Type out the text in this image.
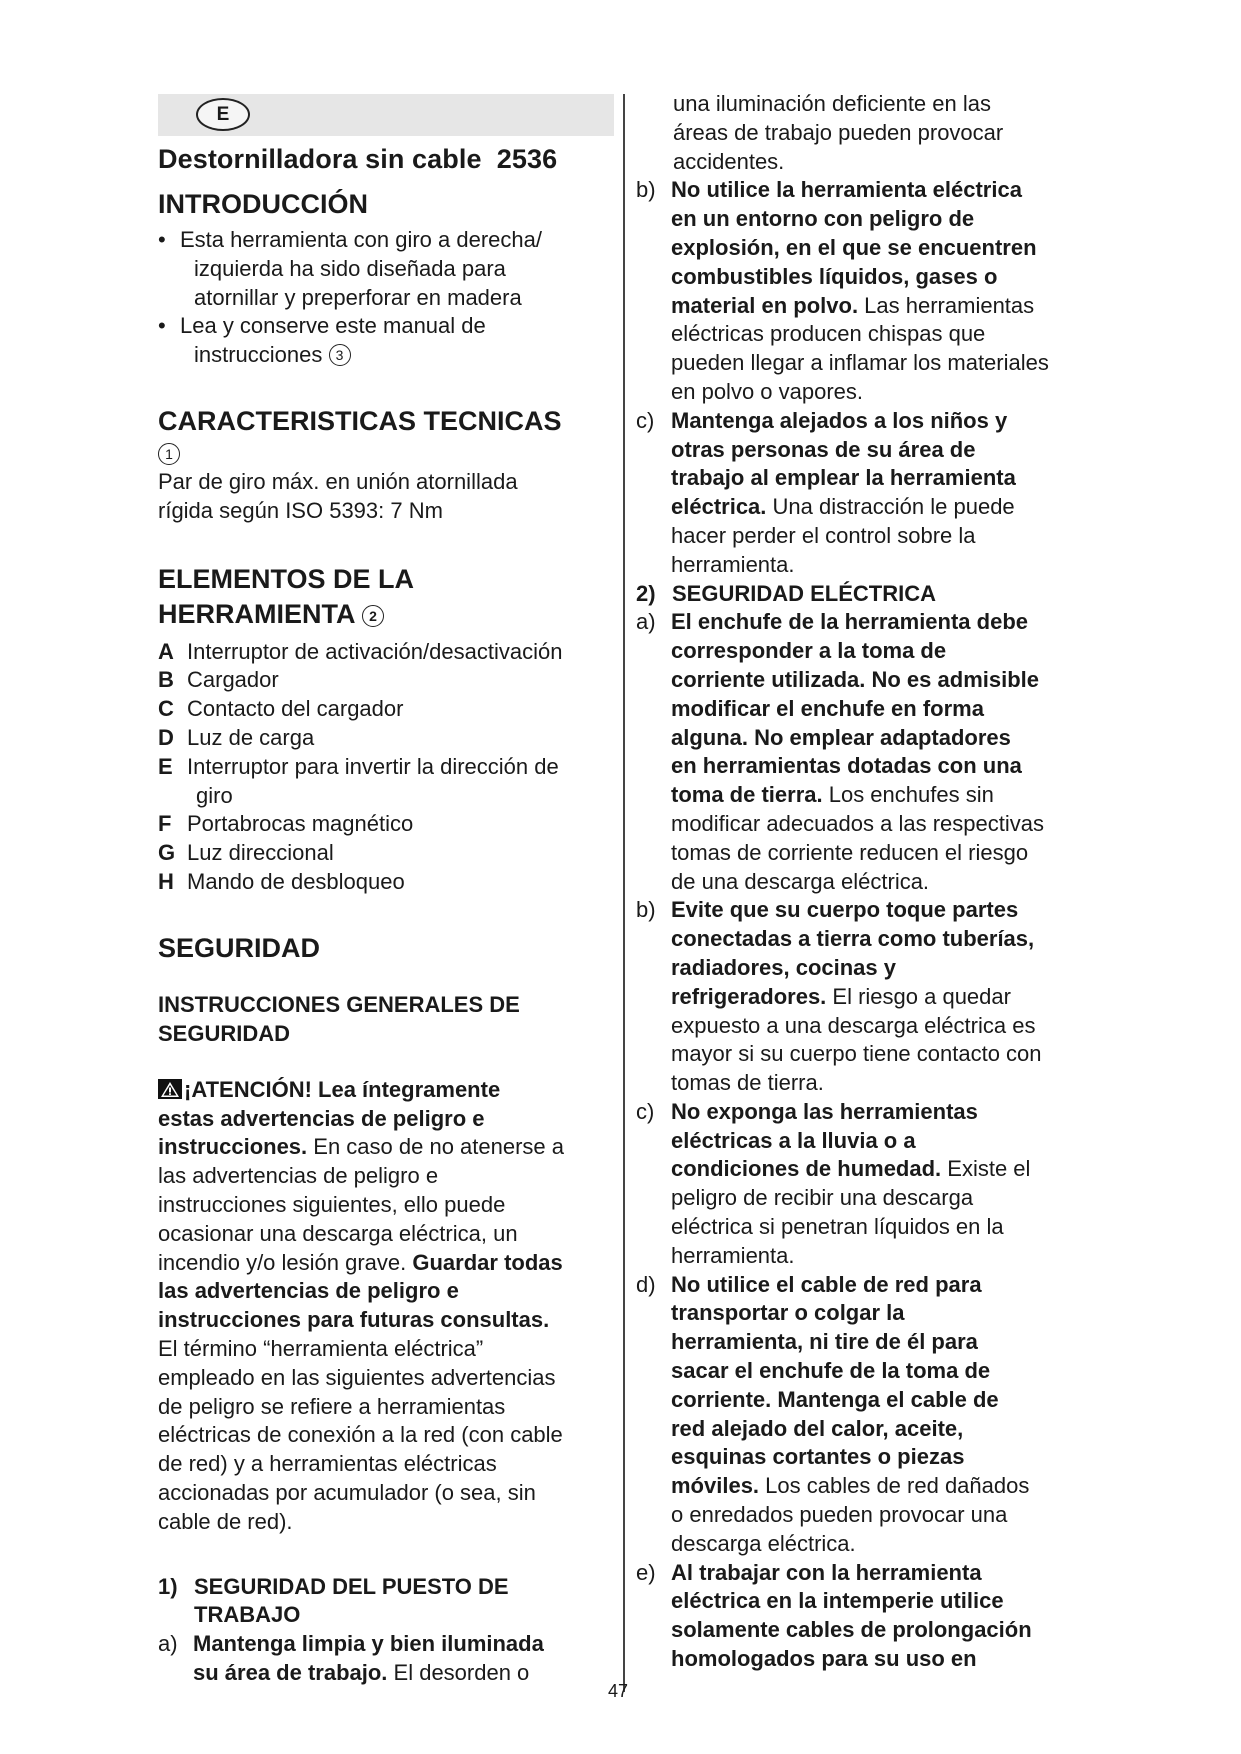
E
Destornilladora sin cable  2536
INTRODUCCIÓN
• Esta herramienta con giro a derecha/
izquierda ha sido diseñada para
atornillar y preperforar en madera
• Lea y conserve este manual de
instrucciones 3
CARACTERISTICAS TECNICAS
1
Par de giro máx. en unión atornillada
rígida según ISO 5393: 7 Nm
ELEMENTOS DE LA
HERRAMIENTA 2
A Interruptor de activación/desactivación
B Cargador
C Contacto del cargador
D Luz de carga
E Interruptor para invertir la dirección de
giro
F Portabrocas magnético
G Luz direccional
H Mando de desbloqueo
SEGURIDAD
INSTRUCCIONES GENERALES DE
SEGURIDAD
¡ATENCIÓN! Lea íntegramente
estas advertencias de peligro e
instrucciones. En caso de no atenerse a
las advertencias de peligro e
instrucciones siguientes, ello puede
ocasionar una descarga eléctrica, un
incendio y/o lesión grave. Guardar todas
las advertencias de peligro e
instrucciones para futuras consultas.
El término “herramienta eléctrica”
empleado en las siguientes advertencias
de peligro se refiere a herramientas
eléctricas de conexión a la red (con cable
de red) y a herramientas eléctricas
accionadas por acumulador (o sea, sin
cable de red).
1) SEGURIDAD DEL PUESTO DE
TRABAJO
a) Mantenga limpia y bien iluminada
su área de trabajo. El desorden o
una iluminación deficiente en las
áreas de trabajo pueden provocar
accidentes.
b) No utilice la herramienta eléctrica
en un entorno con peligro de
explosión, en el que se encuentren
combustibles líquidos, gases o
material en polvo. Las herramientas
eléctricas producen chispas que
pueden llegar a inflamar los materiales
en polvo o vapores.
c) Mantenga alejados a los niños y
otras personas de su área de
trabajo al emplear la herramienta
eléctrica. Una distracción le puede
hacer perder el control sobre la
herramienta.
2) SEGURIDAD ELÉCTRICA
a) El enchufe de la herramienta debe
corresponder a la toma de
corriente utilizada. No es admisible
modificar el enchufe en forma
alguna. No emplear adaptadores
en herramientas dotadas con una
toma de tierra. Los enchufes sin
modificar adecuados a las respectivas
tomas de corriente reducen el riesgo
de una descarga eléctrica.
b) Evite que su cuerpo toque partes
conectadas a tierra como tuberías,
radiadores, cocinas y
refrigeradores. El riesgo a quedar
expuesto a una descarga eléctrica es
mayor si su cuerpo tiene contacto con
tomas de tierra.
c) No exponga las herramientas
eléctricas a la lluvia o a
condiciones de humedad. Existe el
peligro de recibir una descarga
eléctrica si penetran líquidos en la
herramienta.
d) No utilice el cable de red para
transportar o colgar la
herramienta, ni tire de él para
sacar el enchufe de la toma de
corriente. Mantenga el cable de
red alejado del calor, aceite,
esquinas cortantes o piezas
móviles. Los cables de red dañados
o enredados pueden provocar una
descarga eléctrica.
e) Al trabajar con la herramienta
eléctrica en la intemperie utilice
solamente cables de prolongación
homologados para su uso en
47
